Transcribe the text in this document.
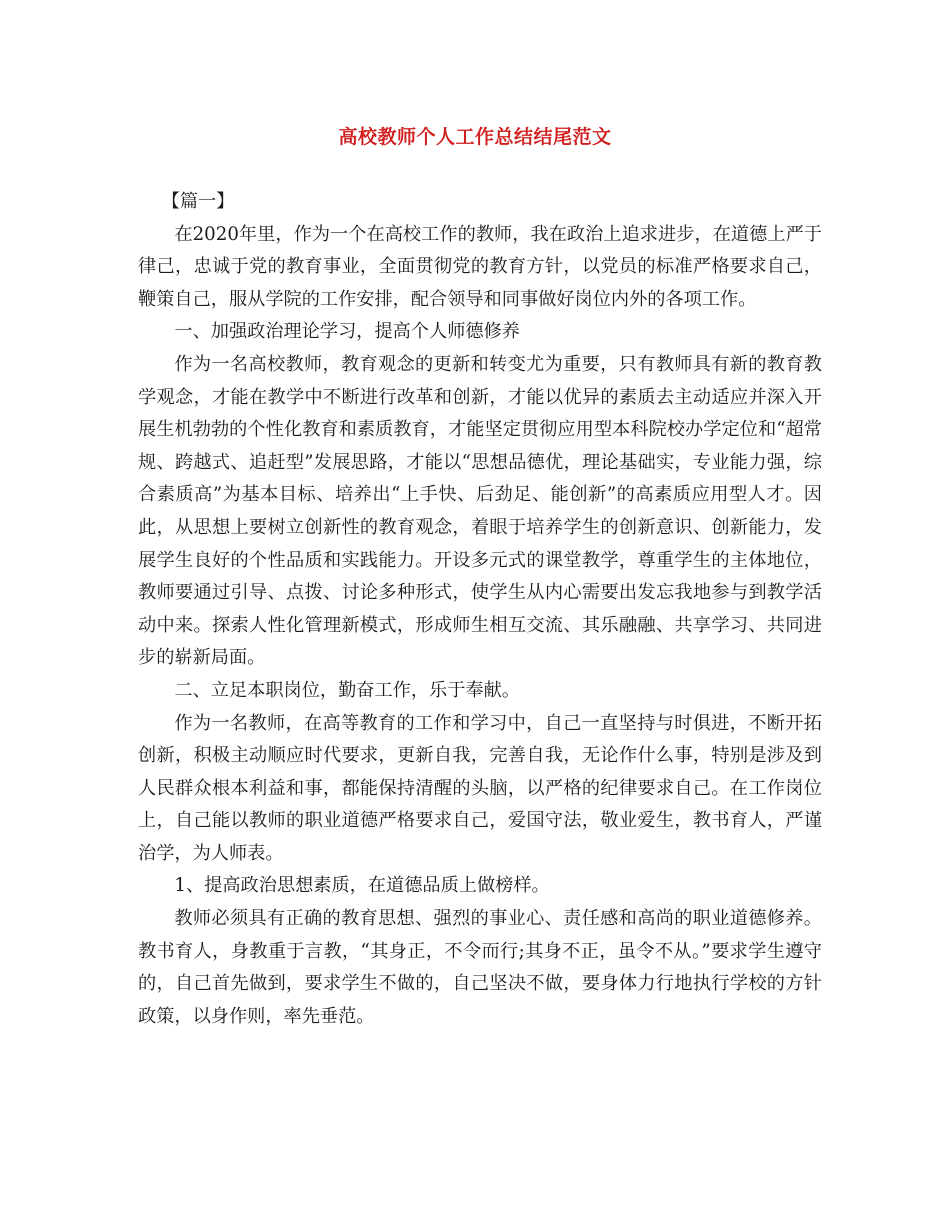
高校教师个人工作总结结尾范文

【篇一】

在2020年里，作为一个在高校工作的教师，我在政治上追求进步，在道德上严于律己，忠诚于党的教育事业，全面贯彻党的教育方针，以党员的标准严格要求自己，鞭策自己，服从学院的工作安排，配合领导和同事做好岗位内外的各项工作。

一、加强政治理论学习，提高个人师德修养

作为一名高校教师，教育观念的更新和转变尤为重要，只有教师具有新的教育教学观念，才能在教学中不断进行改革和创新，才能以优异的素质去主动适应并深入开展生机勃勃的个性化教育和素质教育，才能坚定贯彻应用型本科院校办学定位和“超常规、跨越式、追赶型”发展思路，才能以“思想品德优，理论基础实，专业能力强，综合素质高”为基本目标、培养出“上手快、后劲足、能创新”的高素质应用型人才。因此，从思想上要树立创新性的教育观念，着眼于培养学生的创新意识、创新能力，发展学生良好的个性品质和实践能力。开设多元式的课堂教学，尊重学生的主体地位，教师要通过引导、点拨、讨论多种形式，使学生从内心需要出发忘我地参与到教学活动中来。探索人性化管理新模式，形成师生相互交流、其乐融融、共享学习、共同进步的崭新局面。

二、立足本职岗位，勤奋工作，乐于奉献。

作为一名教师，在高等教育的工作和学习中，自己一直坚持与时俱进，不断开拓创新，积极主动顺应时代要求，更新自我，完善自我，无论作什么事，特别是涉及到人民群众根本利益和事，都能保持清醒的头脑，以严格的纪律要求自己。在工作岗位上，自己能以教师的职业道德严格要求自己，爱国守法，敬业爱生，教书育人，严谨治学，为人师表。

1、提高政治思想素质，在道德品质上做榜样。

教师必须具有正确的教育思想、强烈的事业心、责任感和高尚的职业道德修养。教书育人，身教重于言教，“其身正，不令而行;其身不正，虽令不从。”要求学生遵守的，自己首先做到，要求学生不做的，自己坚决不做，要身体力行地执行学校的方针政策，以身作则，率先垂范。
